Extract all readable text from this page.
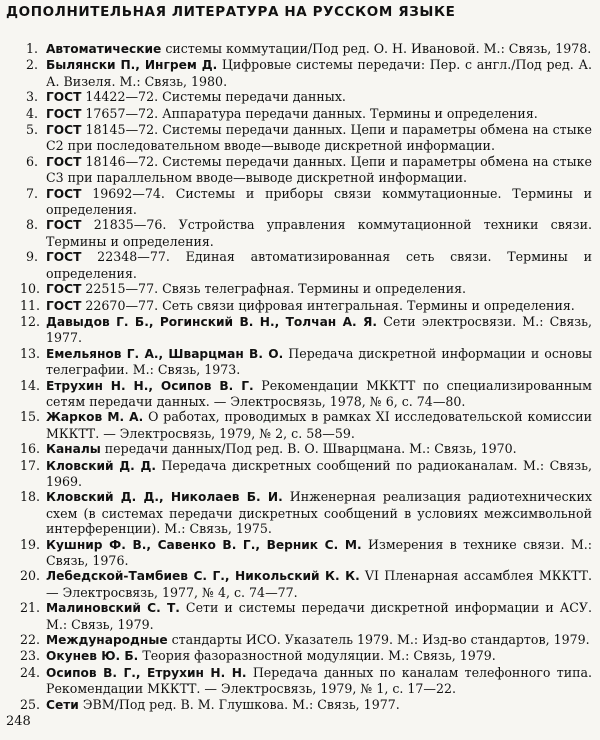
ДОПОЛНИТЕЛЬНАЯ ЛИТЕРАТУРА НА РУССКОМ ЯЗЫКЕ
1. Автоматические системы коммутации/Под ред. О. Н. Ивановой. М.: Связь, 1978.
2. Былянски П., Ингрем Д. Цифровые системы передачи: Пер. с англ./Под ред. А. А. Визеля. М.: Связь, 1980.
3. ГОСТ 14422—72. Системы передачи данных.
4. ГОСТ 17657—72. Аппаратура передачи данных. Термины и определения.
5. ГОСТ 18145—72. Системы передачи данных. Цепи и параметры обмена на стыке С2 при последовательном вводе—выводе дискретной информации.
6. ГОСТ 18146—72. Системы передачи данных. Цепи и параметры обмена на стыке С3 при параллельном вводе—выводе дискретной информации.
7. ГОСТ 19692—74. Системы и приборы связи коммутационные. Термины и определения.
8. ГОСТ 21835—76. Устройства управления коммутационной техники связи. Термины и определения.
9. ГОСТ 22348—77. Единая автоматизированная сеть связи. Термины и определения.
10. ГОСТ 22515—77. Связь телеграфная. Термины и определения.
11. ГОСТ 22670—77. Сеть связи цифровая интегральная. Термины и определения.
12. Давыдов Г. Б., Рогинский В. Н., Толчан А. Я. Сети электросвязи. М.: Связь, 1977.
13. Емельянов Г. А., Шварцман В. О. Передача дискретной информации и основы телеграфии. М.: Связь, 1973.
14. Етрухин Н. Н., Осипов В. Г. Рекомендации МККТТ по специализированным сетям передачи данных. — Электросвязь, 1978, № 6, с. 74—80.
15. Жарков М. А. О работах, проводимых в рамках XI исследовательской комиссии МККТТ. — Электросвязь, 1979, № 2, с. 58—59.
16. Каналы передачи данных/Под ред. В. О. Шварцмана. М.: Связь, 1970.
17. Кловский Д. Д. Передача дискретных сообщений по радиоканалам. М.: Связь, 1969.
18. Кловский Д. Д., Николаев Б. И. Инженерная реализация радиотехнических схем (в системах передачи дискретных сообщений в условиях межсимвольной интерференции). М.: Связь, 1975.
19. Кушнир Ф. В., Савенко В. Г., Верник С. М. Измерения в технике связи. М.: Связь, 1976.
20. Лебедской-Тамбиев С. Г., Никольский К. К. VI Пленарная ассамблея МККТТ. — Электросвязь, 1977, № 4, с. 74—77.
21. Малиновский С. Т. Сети и системы передачи дискретной информации и АСУ. М.: Связь, 1979.
22. Международные стандарты ИСО. Указатель 1979. М.: Изд-во стандартов, 1979.
23. Окунев Ю. Б. Теория фазоразностной модуляции. М.: Связь, 1979.
24. Осипов В. Г., Етрухин Н. Н. Передача данных по каналам телефонного типа. Рекомендации МККТТ. — Электросвязь, 1979, № 1, с. 17—22.
25. Сети ЭВМ/Под ред. В. М. Глушкова. М.: Связь, 1977.
248
